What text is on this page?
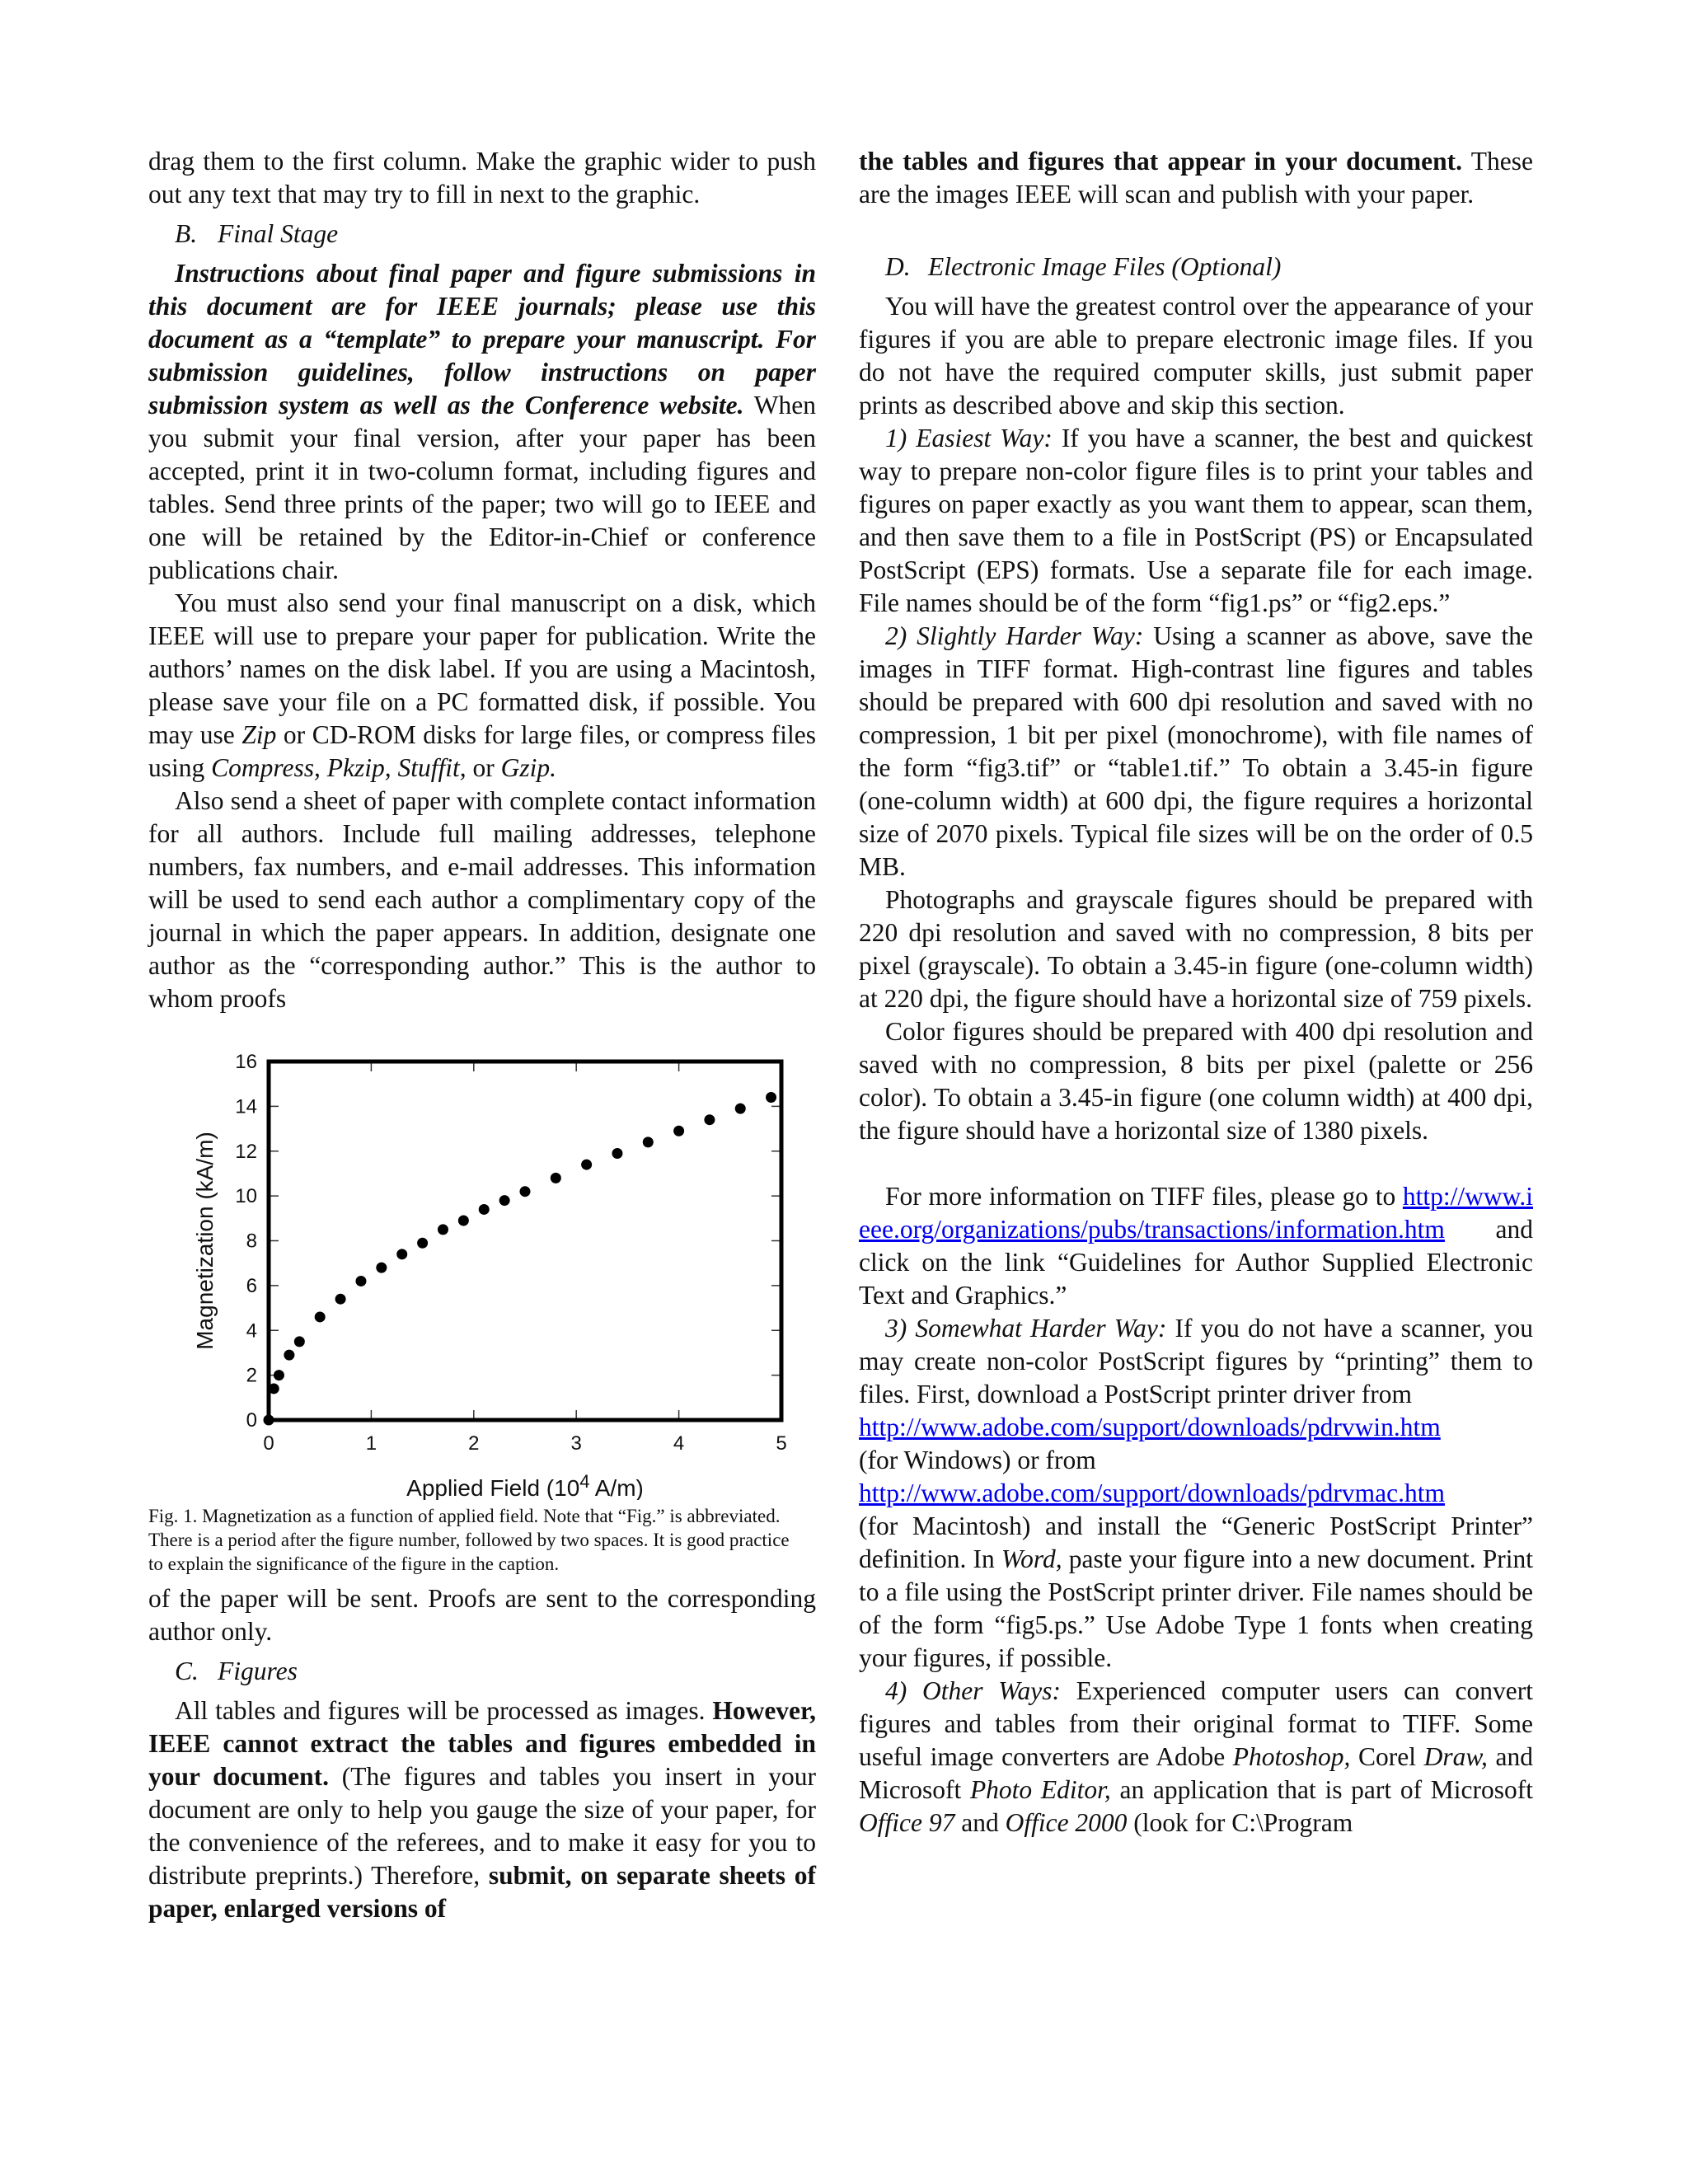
drag them to the first column. Make the graphic wider to push out any text that may try to fill in next to the graphic.

B. Final Stage

Instructions about final paper and figure submissions in this document are for IEEE journals; please use this document as a “template” to prepare your manuscript. For submission guidelines, follow instructions on paper submission system as well as the Conference website. When you submit your final version, after your paper has been accepted, print it in two-column format, including figures and tables. Send three prints of the paper; two will go to IEEE and one will be retained by the Editor-in-Chief or conference publications chair.

You must also send your final manuscript on a disk, which IEEE will use to prepare your paper for publication. Write the authors’ names on the disk label. If you are using a Macintosh, please save your file on a PC formatted disk, if possible. You may use Zip or CD-ROM disks for large files, or compress files using Compress, Pkzip, Stuffit, or Gzip.

Also send a sheet of paper with complete contact information for all authors. Include full mailing addresses, telephone numbers, fax numbers, and e-mail addresses. This information will be used to send each author a complimentary copy of the journal in which the paper appears. In addition, designate one author as the “corresponding author.” This is the author to whom proofs

0	1	2	3	4	5
0
2
4
6
8
10
12
14
16
Applied Field ($10^4$ A/m)
Magnetization (kA/m)

Fig. 1. Magnetization as a function of applied field. Note that “Fig.” is abbreviated. There is a period after the figure number, followed by two spaces. It is good practice to explain the significance of the figure in the caption.

of the paper will be sent. Proofs are sent to the corresponding author only.

C. Figures

All tables and figures will be processed as images. However, IEEE cannot extract the tables and figures embedded in your document. (The figures and tables you insert in your document are only to help you gauge the size of your paper, for the convenience of the referees, and to make it easy for you to distribute preprints.) Therefore, submit, on separate sheets of paper, enlarged versions of

the tables and figures that appear in your document. These are the images IEEE will scan and publish with your paper.

D. Electronic Image Files (Optional)

You will have the greatest control over the appearance of your figures if you are able to prepare electronic image files. If you do not have the required computer skills, just submit paper prints as described above and skip this section.

1) Easiest Way: If you have a scanner, the best and quickest way to prepare non-color figure files is to print your tables and figures on paper exactly as you want them to appear, scan them, and then save them to a file in PostScript (PS) or Encapsulated PostScript (EPS) formats. Use a separate file for each image. File names should be of the form “fig1.ps” or “fig2.eps.”

2) Slightly Harder Way: Using a scanner as above, save the images in TIFF format. High-contrast line figures and tables should be prepared with 600 dpi resolution and saved with no compression, 1 bit per pixel (monochrome), with file names of the form “fig3.tif” or “table1.tif.” To obtain a 3.45-in figure (one-column width) at 600 dpi, the figure requires a horizontal size of 2070 pixels. Typical file sizes will be on the order of 0.5 MB.

Photographs and grayscale figures should be prepared with 220 dpi resolution and saved with no compression, 8 bits per pixel (grayscale). To obtain a 3.45-in figure (one-column width) at 220 dpi, the figure should have a horizontal size of 759 pixels.

Color figures should be prepared with 400 dpi resolution and saved with no compression, 8 bits per pixel (palette or 256 color). To obtain a 3.45-in figure (one column width) at 400 dpi, the figure should have a horizontal size of 1380 pixels.

For more information on TIFF files, please go to http://www.ieee.org/organizations/pubs/transactions/information.htm and click on the link “Guidelines for Author Supplied Electronic Text and Graphics.”

3) Somewhat Harder Way: If you do not have a scanner, you may create non-color PostScript figures by “printing” them to files. First, download a PostScript printer driver from

http://www.adobe.com/support/downloads/pdrvwin.htm

(for Windows) or from

http://www.adobe.com/support/downloads/pdrvmac.htm

(for Macintosh) and install the “Generic PostScript Printer” definition. In Word, paste your figure into a new document. Print to a file using the PostScript printer driver. File names should be of the form “fig5.ps.” Use Adobe Type 1 fonts when creating your figures, if possible.

4) Other Ways: Experienced computer users can convert figures and tables from their original format to TIFF. Some useful image converters are Adobe Photoshop, Corel Draw, and Microsoft Photo Editor, an application that is part of Microsoft Office 97 and Office 2000 (look for C:\Program
